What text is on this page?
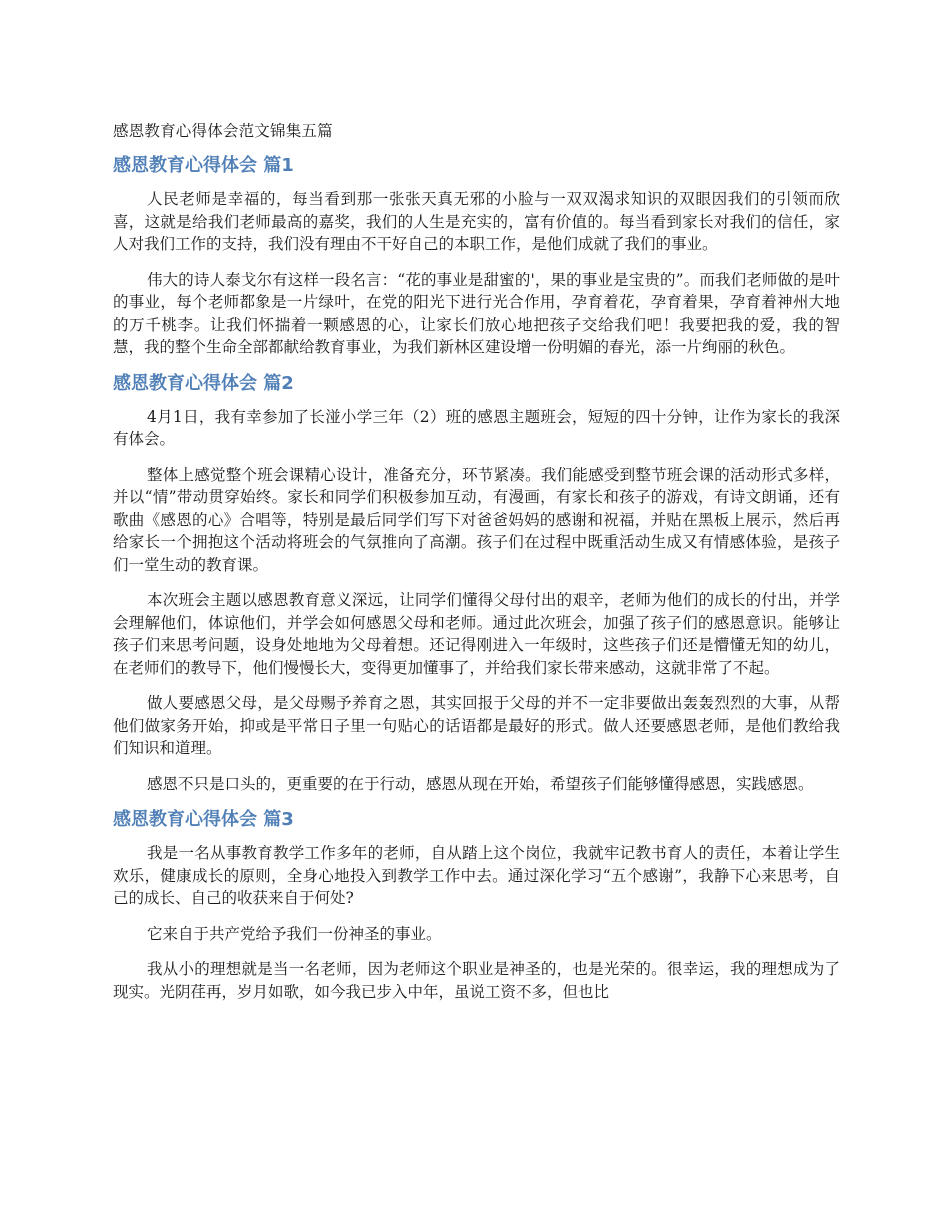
感恩教育心得体会范文锦集五篇
感恩教育心得体会 篇1

人民老师是幸福的，每当看到那一张张天真无邪的小脸与一双双渴求知识的双眼因我们的引领而欣喜，这就是给我们老师最高的嘉奖，我们的人生是充实的，富有价值的。每当看到家长对我们的信任，家人对我们工作的支持，我们没有理由不干好自己的本职工作，是他们成就了我们的事业。

伟大的诗人泰戈尔有这样一段名言：“花的事业是甜蜜的'，果的事业是宝贵的”。而我们老师做的是叶的事业，每个老师都象是一片绿叶，在党的阳光下进行光合作用，孕育着花，孕育着果，孕育着神州大地的万千桃李。让我们怀揣着一颗感恩的心，让家长们放心地把孩子交给我们吧！我要把我的爱，我的智慧，我的整个生命全部都献给教育事业，为我们新林区建设增一份明媚的春光，添一片绚丽的秋色。

感恩教育心得体会 篇2

4月1日，我有幸参加了长湴小学三年（2）班的感恩主题班会，短短的四十分钟，让作为家长的我深有体会。

整体上感觉整个班会课精心设计，准备充分，环节紧凑。我们能感受到整节班会课的活动形式多样，并以“情”带动贯穿始终。家长和同学们积极参加互动，有漫画，有家长和孩子的游戏，有诗文朗诵，还有歌曲《感恩的心》合唱等，特别是最后同学们写下对爸爸妈妈的感谢和祝福，并贴在黑板上展示，然后再给家长一个拥抱这个活动将班会的气氛推向了高潮。孩子们在过程中既重活动生成又有情感体验，是孩子们一堂生动的教育课。

本次班会主题以感恩教育意义深远，让同学们懂得父母付出的艰辛，老师为他们的成长的付出，并学会理解他们，体谅他们，并学会如何感恩父母和老师。通过此次班会，加强了孩子们的感恩意识。能够让孩子们来思考问题，设身处地地为父母着想。还记得刚进入一年级时，这些孩子们还是懵懂无知的幼儿，在老师们的教导下，他们慢慢长大，变得更加懂事了，并给我们家长带来感动，这就非常了不起。

做人要感恩父母，是父母赐予养育之恩，其实回报于父母的并不一定非要做出轰轰烈烈的大事，从帮他们做家务开始，抑或是平常日子里一句贴心的话语都是最好的形式。做人还要感恩老师，是他们教给我们知识和道理。

感恩不只是口头的，更重要的在于行动，感恩从现在开始，希望孩子们能够懂得感恩，实践感恩。

感恩教育心得体会 篇3

我是一名从事教育教学工作多年的老师，自从踏上这个岗位，我就牢记教书育人的责任，本着让学生欢乐，健康成长的原则，全身心地投入到教学工作中去。通过深化学习“五个感谢”，我静下心来思考，自己的成长、自己的收获来自于何处?

它来自于共产党给予我们一份神圣的事业。

我从小的理想就是当一名老师，因为老师这个职业是神圣的，也是光荣的。很幸运，我的理想成为了现实。光阴荏再，岁月如歌，如今我已步入中年，虽说工资不多，但也比
